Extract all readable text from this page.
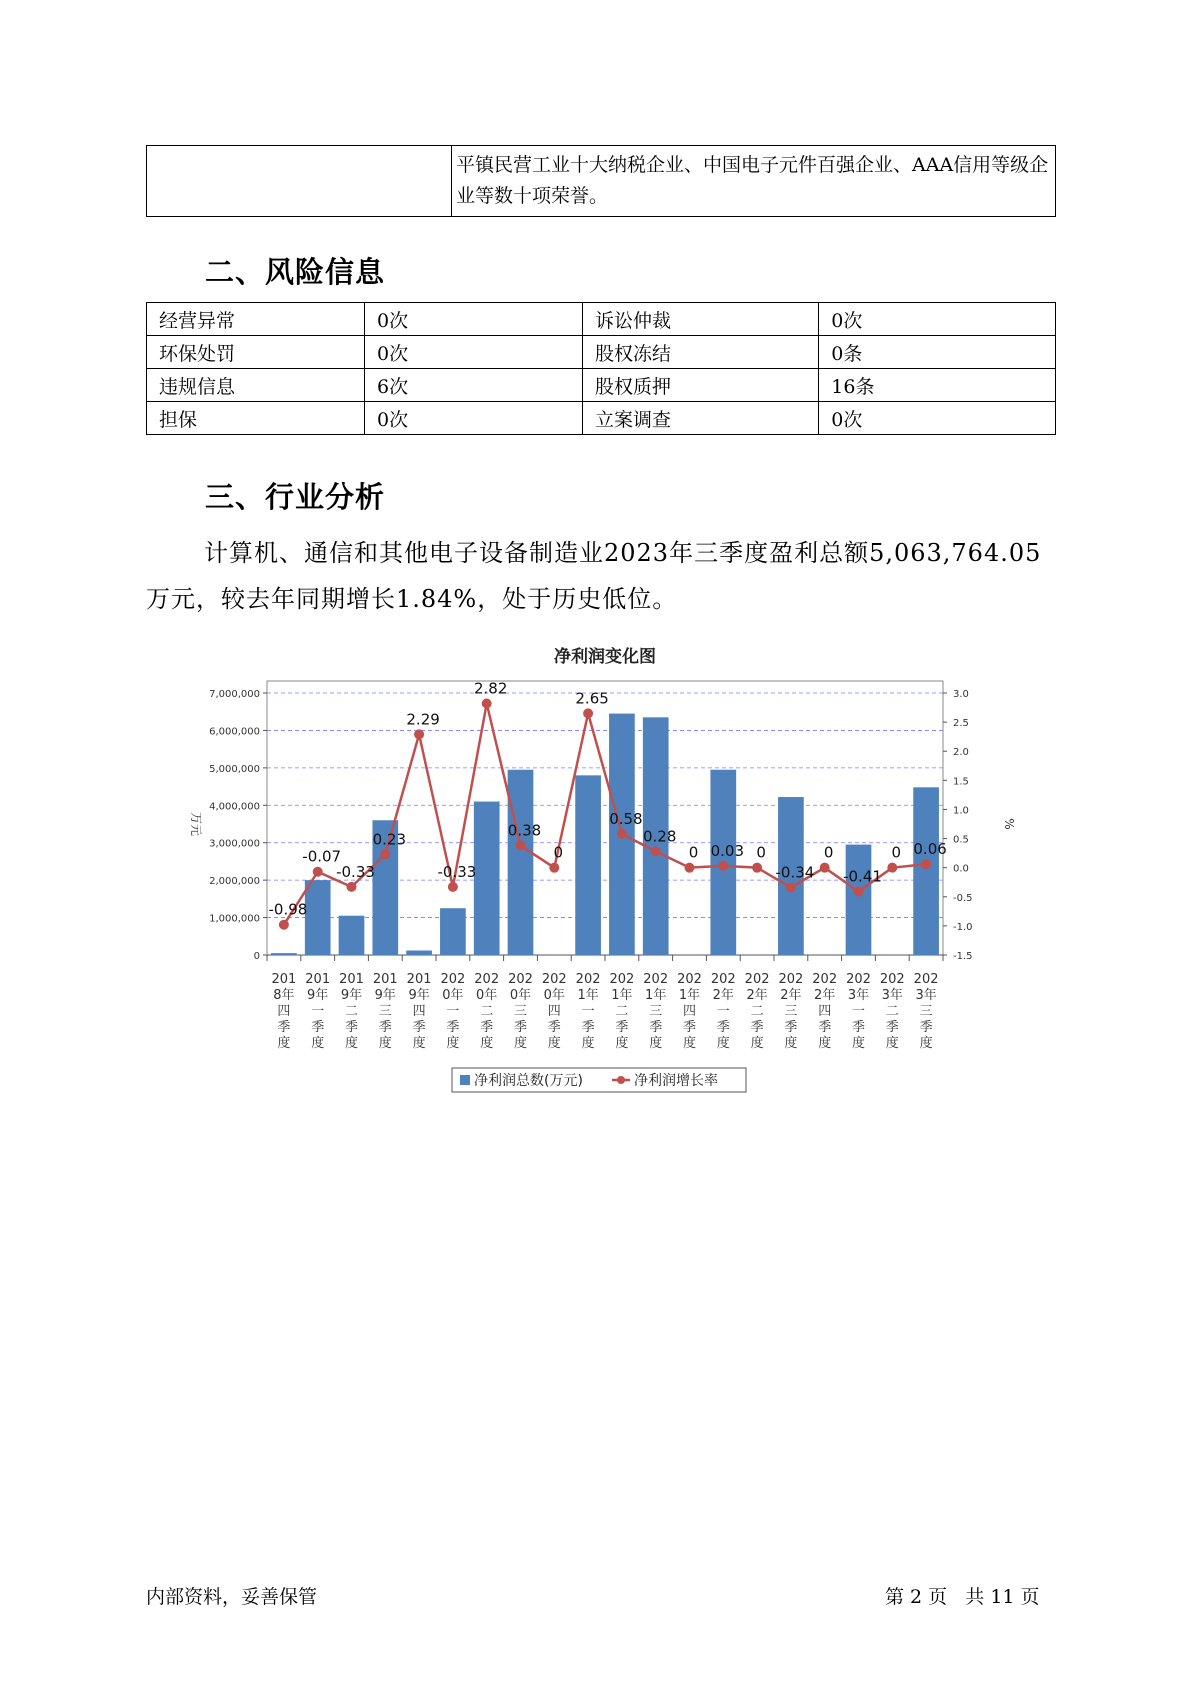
	平镇民营工业十大纳税企业、中国电子元件百强企业、AAA信用等级企业等数十项荣誉。
二、风险信息
经营异常	0次	诉讼仲裁	0次
环保处罚	0次	股权冻结	0条
违规信息	6次	股权质押	16条
担保	0次	立案调查	0次
三、行业分析
计算机、通信和其他电子设备制造业2023年三季度盈利总额5,063,764.05万元，较去年同期增长1.84%，处于历史低位。
净利润变化图
0
1,000,000
2,000,000
3,000,000
4,000,000
5,000,000
6,000,000
7,000,000
-1.5
-1.0
-0.5
0.0
0.5
1.0
1.5
2.0
2.5
3.0
万元	%
-0.98
-0.07
-0.33
0.23
2.29
-0.33
2.82
0.38
0
2.65
0.58
0.28
0 0.03 0
-0.34
0
-0.41
0 0.06
201
8年
四
季
度
201
9年
一
季
度
201
9年
二
季
度
201
9年
三
季
度
201
9年
四
季
度
202
0年
一
季
度
202
0年
二
季
度
202
0年
三
季
度
202
0年
四
季
度
202
1年
一
季
度
202
1年
二
季
度
202
1年
三
季
度
202
1年
四
季
度
202
2年
一
季
度
202
2年
二
季
度
202
2年
三
季
度
202
2年
四
季
度
202
3年
一
季
度
202
3年
二
季
度
202
3年
三
季
度
净利润总数(万元)	净利润增长率
内部资料，妥善保管	第 2 页   共 11 页
